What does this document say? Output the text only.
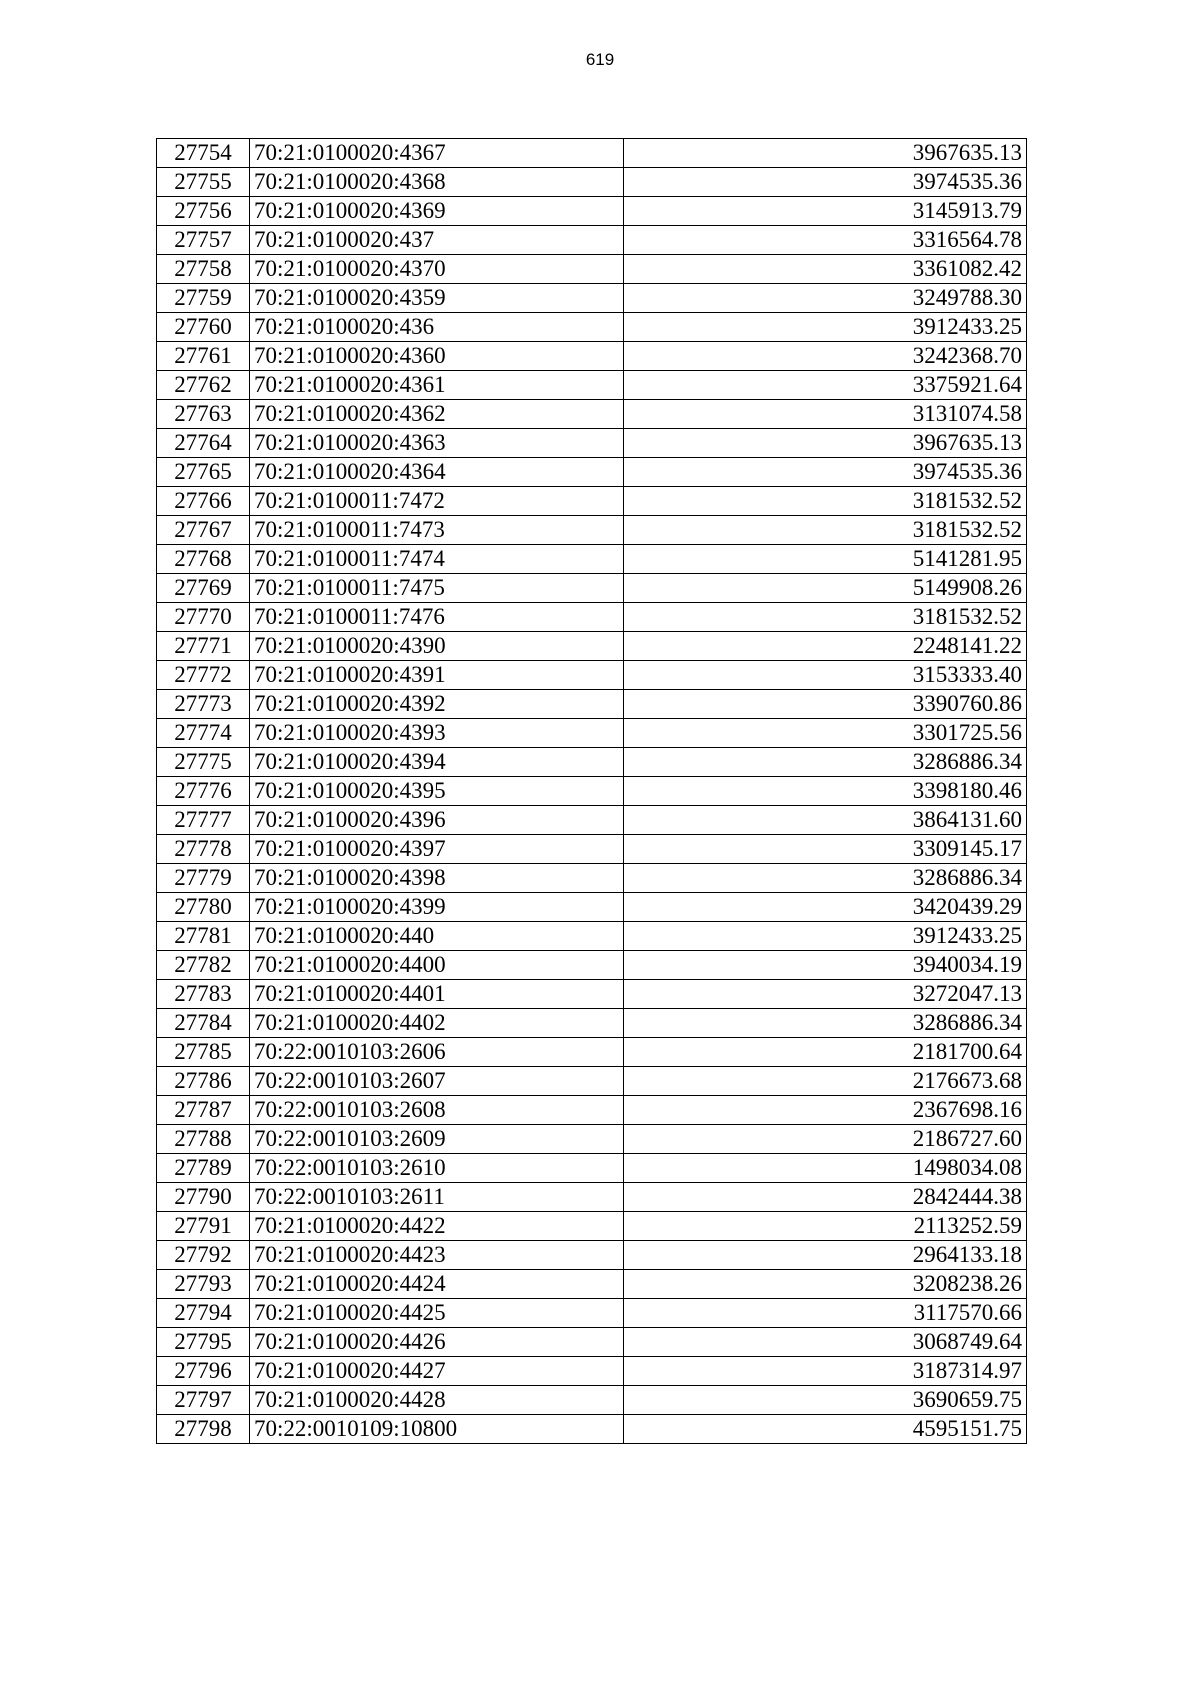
619
27754	70:21:0100020:4367		3967635.13
27755	70:21:0100020:4368		3974535.36
27756	70:21:0100020:4369		3145913.79
27757	70:21:0100020:437		3316564.78
27758	70:21:0100020:4370		3361082.42
27759	70:21:0100020:4359		3249788.30
27760	70:21:0100020:436		3912433.25
27761	70:21:0100020:4360		3242368.70
27762	70:21:0100020:4361		3375921.64
27763	70:21:0100020:4362		3131074.58
27764	70:21:0100020:4363		3967635.13
27765	70:21:0100020:4364		3974535.36
27766	70:21:0100011:7472		3181532.52
27767	70:21:0100011:7473		3181532.52
27768	70:21:0100011:7474		5141281.95
27769	70:21:0100011:7475		5149908.26
27770	70:21:0100011:7476		3181532.52
27771	70:21:0100020:4390		2248141.22
27772	70:21:0100020:4391		3153333.40
27773	70:21:0100020:4392		3390760.86
27774	70:21:0100020:4393		3301725.56
27775	70:21:0100020:4394		3286886.34
27776	70:21:0100020:4395		3398180.46
27777	70:21:0100020:4396		3864131.60
27778	70:21:0100020:4397		3309145.17
27779	70:21:0100020:4398		3286886.34
27780	70:21:0100020:4399		3420439.29
27781	70:21:0100020:440		3912433.25
27782	70:21:0100020:4400		3940034.19
27783	70:21:0100020:4401		3272047.13
27784	70:21:0100020:4402		3286886.34
27785	70:22:0010103:2606		2181700.64
27786	70:22:0010103:2607		2176673.68
27787	70:22:0010103:2608		2367698.16
27788	70:22:0010103:2609		2186727.60
27789	70:22:0010103:2610		1498034.08
27790	70:22:0010103:2611		2842444.38
27791	70:21:0100020:4422		2113252.59
27792	70:21:0100020:4423		2964133.18
27793	70:21:0100020:4424		3208238.26
27794	70:21:0100020:4425		3117570.66
27795	70:21:0100020:4426		3068749.64
27796	70:21:0100020:4427		3187314.97
27797	70:21:0100020:4428		3690659.75
27798	70:22:0010109:10800		4595151.75
